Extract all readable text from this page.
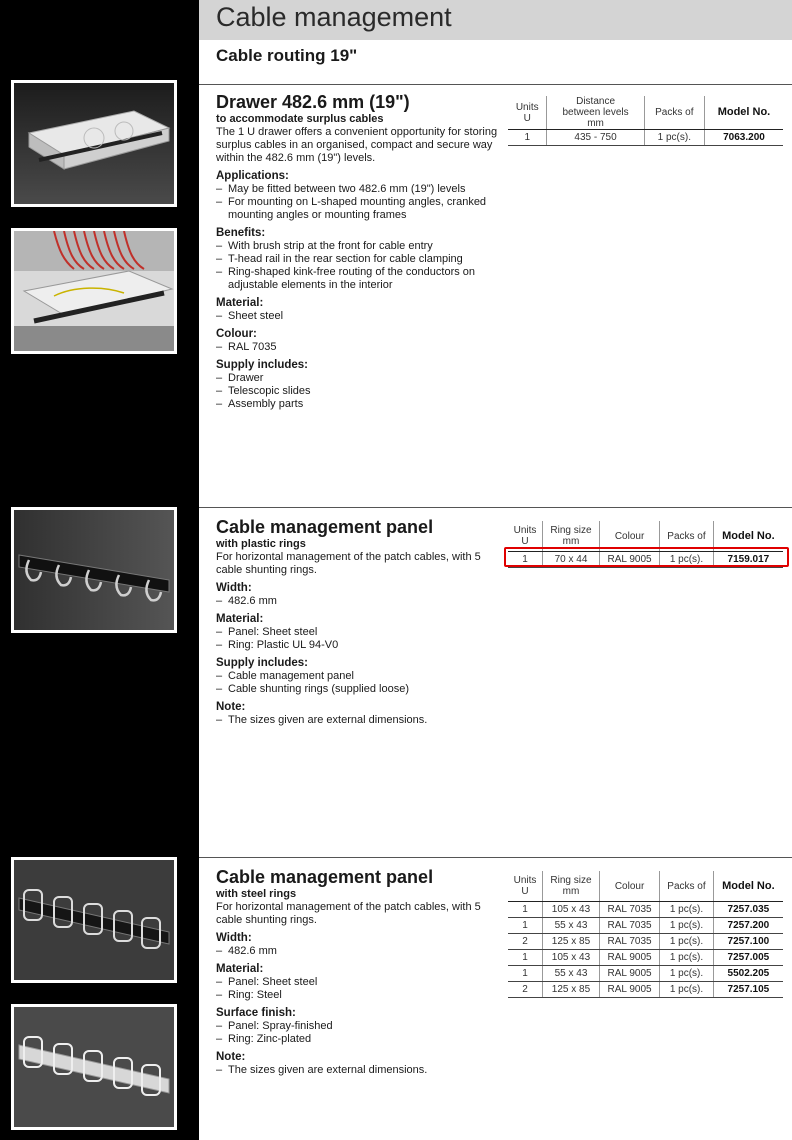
Cable management
Cable routing 19"
Drawer 482.6 mm (19")

to accommodate surplus cables

The 1 U drawer offers a convenient opportunity for storing surplus cables in an organised, compact and secure way within the 482.6 mm (19") levels.

Applications:
– May be fitted between two 482.6 mm (19") levels
– For mounting on L-shaped mounting angles, cranked mounting angles or mounting frames
Benefits:
– With brush strip at the front for cable entry
– T-head rail in the rear section for cable clamping
– Ring-shaped kink-free routing of the conductors on adjustable elements in the interior
Material:
– Sheet steel
Colour:
– RAL 7035
Supply includes:
– Drawer
– Telescopic slides
– Assembly parts
Cable management panel

with plastic rings

For horizontal management of the patch cables, with 5 cable shunting rings.

Width:
– 482.6 mm
Material:
– Panel: Sheet steel
– Ring: Plastic UL 94-V0
Supply includes:
– Cable management panel
– Cable shunting rings (supplied loose)
Note:
– The sizes given are external dimensions.
Cable management panel

with steel rings

For horizontal management of the patch cables, with 5 cable shunting rings.

Width:
– 482.6 mm
Material:
– Panel: Sheet steel
– Ring: Steel
Surface finish:
– Panel: Spray-finished
– Ring: Zinc-plated
Note:
– The sizes given are external dimensions.
Units
U	Distance
between levels
mm	Packs of	Model No.
1	435 - 750	1 pc(s).	7063.200
Units
U	Ring size
mm	Colour	Packs of	Model No.
1	70 x 44	RAL 9005	1 pc(s).	7159.017
Units
U	Ring size
mm	Colour	Packs of	Model No.
1	105 x 43	RAL 7035	1 pc(s).	7257.035
1	55 x 43	RAL 7035	1 pc(s).	7257.200
2	125 x 85	RAL 7035	1 pc(s).	7257.100
1	105 x 43	RAL 9005	1 pc(s).	7257.005
1	55 x 43	RAL 9005	1 pc(s).	5502.205
2	125 x 85	RAL 9005	1 pc(s).	7257.105
